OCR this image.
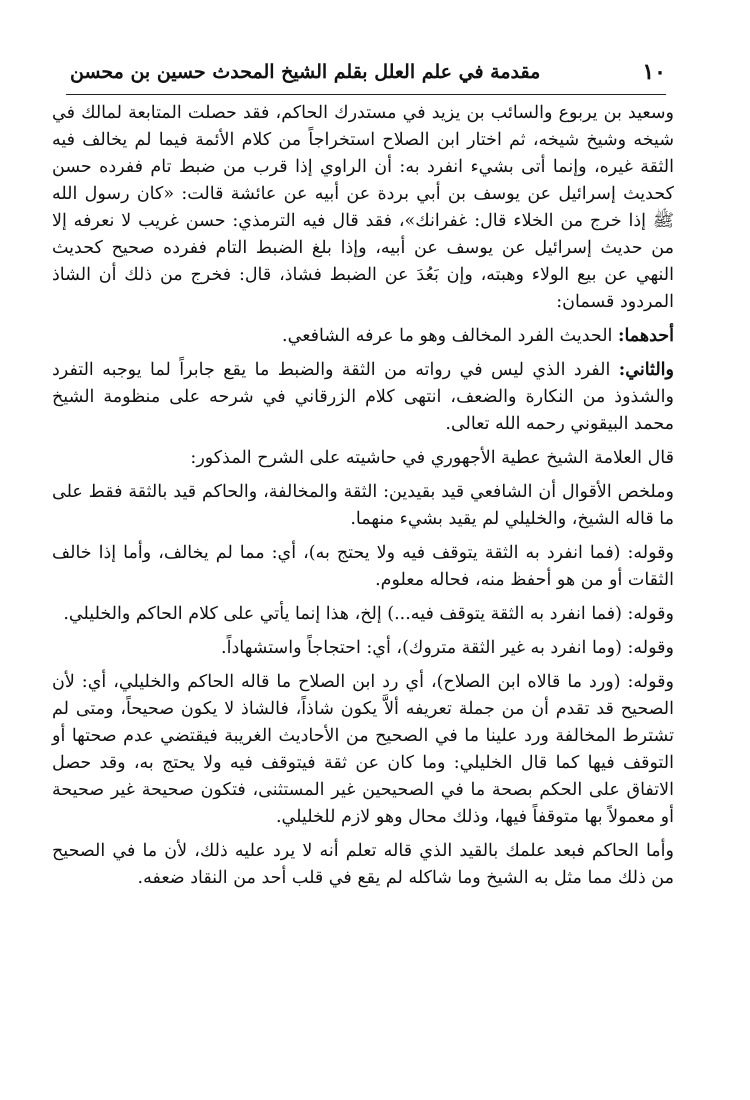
١٠
مقدمة في علم العلل بقلم الشيخ المحدث حسين بن محسن

وسعيد بن يربوع والسائب بن يزيد في مستدرك الحاكم، فقد حصلت المتابعة لمالك في شيخه وشيخ شيخه، ثم اختار ابن الصلاح استخراجاً من كلام الأئمة فيما لم يخالف فيه الثقة غيره، وإنما أتى بشيء انفرد به: أن الراوي إذا قرب من ضبط تام ففرده حسن كحديث إسرائيل عن يوسف بن أبي بردة عن أبيه عن عائشة قالت: «كان رسول الله ﷺ إذا خرج من الخلاء قال: غفرانك»، فقد قال فيه الترمذي: حسن غريب لا نعرفه إلا من حديث إسرائيل عن يوسف عن أبيه، وإذا بلغ الضبط التام ففرده صحيح كحديث النهي عن بيع الولاء وهبته، وإن بَعُدَ عن الضبط فشاذ، قال: فخرج من ذلك أن الشاذ المردود قسمان:

أحدهما: الحديث الفرد المخالف وهو ما عرفه الشافعي.

والثاني: الفرد الذي ليس في رواته من الثقة والضبط ما يقع جابراً لما يوجبه التفرد والشذوذ من النكارة والضعف، انتهى كلام الزرقاني في شرحه على منظومة الشيخ محمد البيقوني رحمه الله تعالى.

قال العلامة الشيخ عطية الأجهوري في حاشيته على الشرح المذكور:

وملخص الأقوال أن الشافعي قيد بقيدين: الثقة والمخالفة، والحاكم قيد بالثقة فقط على ما قاله الشيخ، والخليلي لم يقيد بشيء منهما.

وقوله: (فما انفرد به الثقة يتوقف فيه ولا يحتج به)، أي: مما لم يخالف، وأما إذا خالف الثقات أو من هو أحفظ منه، فحاله معلوم.

وقوله: (فما انفرد به الثقة يتوقف فيه...) إلخ، هذا إنما يأتي على كلام الحاكم والخليلي.

وقوله: (وما انفرد به غير الثقة متروك)، أي: احتجاجاً واستشهاداً.

وقوله: (ورد ما قالاه ابن الصلاح)، أي رد ابن الصلاح ما قاله الحاكم والخليلي، أي: لأن الصحيح قد تقدم أن من جملة تعريفه ألاَّ يكون شاذاً، فالشاذ لا يكون صحيحاً، ومتى لم تشترط المخالفة ورد علينا ما في الصحيح من الأحاديث الغريبة فيقتضي عدم صحتها أو التوقف فيها كما قال الخليلي: وما كان عن ثقة فيتوقف فيه ولا يحتج به، وقد حصل الاتفاق على الحكم بصحة ما في الصحيحين غير المستثنى، فتكون صحيحة غير صحيحة أو معمولاً بها متوقفاً فيها، وذلك محال وهو لازم للخليلي.

وأما الحاكم فبعد علمك بالقيد الذي قاله تعلم أنه لا يرد عليه ذلك، لأن ما في الصحيح من ذلك مما مثل به الشيخ وما شاكله لم يقع في قلب أحد من النقاد ضعفه.
